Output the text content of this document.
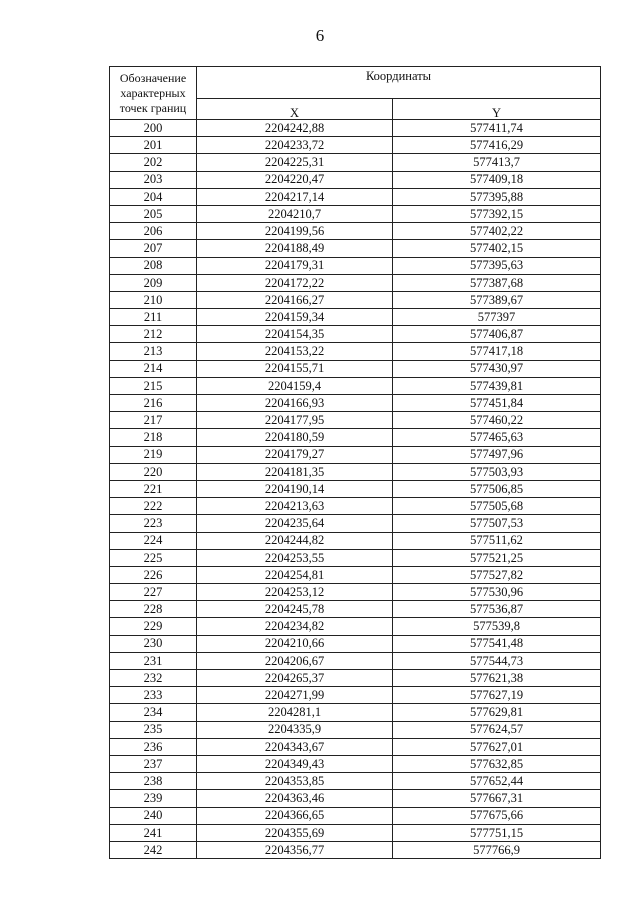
6
Обозначение характерных точек границ	Координаты	
	X	Y
200	2204242,88	577411,74
201	2204233,72	577416,29
202	2204225,31	577413,7
203	2204220,47	577409,18
204	2204217,14	577395,88
205	2204210,7	577392,15
206	2204199,56	577402,22
207	2204188,49	577402,15
208	2204179,31	577395,63
209	2204172,22	577387,68
210	2204166,27	577389,67
211	2204159,34	577397
212	2204154,35	577406,87
213	2204153,22	577417,18
214	2204155,71	577430,97
215	2204159,4	577439,81
216	2204166,93	577451,84
217	2204177,95	577460,22
218	2204180,59	577465,63
219	2204179,27	577497,96
220	2204181,35	577503,93
221	2204190,14	577506,85
222	2204213,63	577505,68
223	2204235,64	577507,53
224	2204244,82	577511,62
225	2204253,55	577521,25
226	2204254,81	577527,82
227	2204253,12	577530,96
228	2204245,78	577536,87
229	2204234,82	577539,8
230	2204210,66	577541,48
231	2204206,67	577544,73
232	2204265,37	577621,38
233	2204271,99	577627,19
234	2204281,1	577629,81
235	2204335,9	577624,57
236	2204343,67	577627,01
237	2204349,43	577632,85
238	2204353,85	577652,44
239	2204363,46	577667,31
240	2204366,65	577675,66
241	2204355,69	577751,15
242	2204356,77	577766,9
